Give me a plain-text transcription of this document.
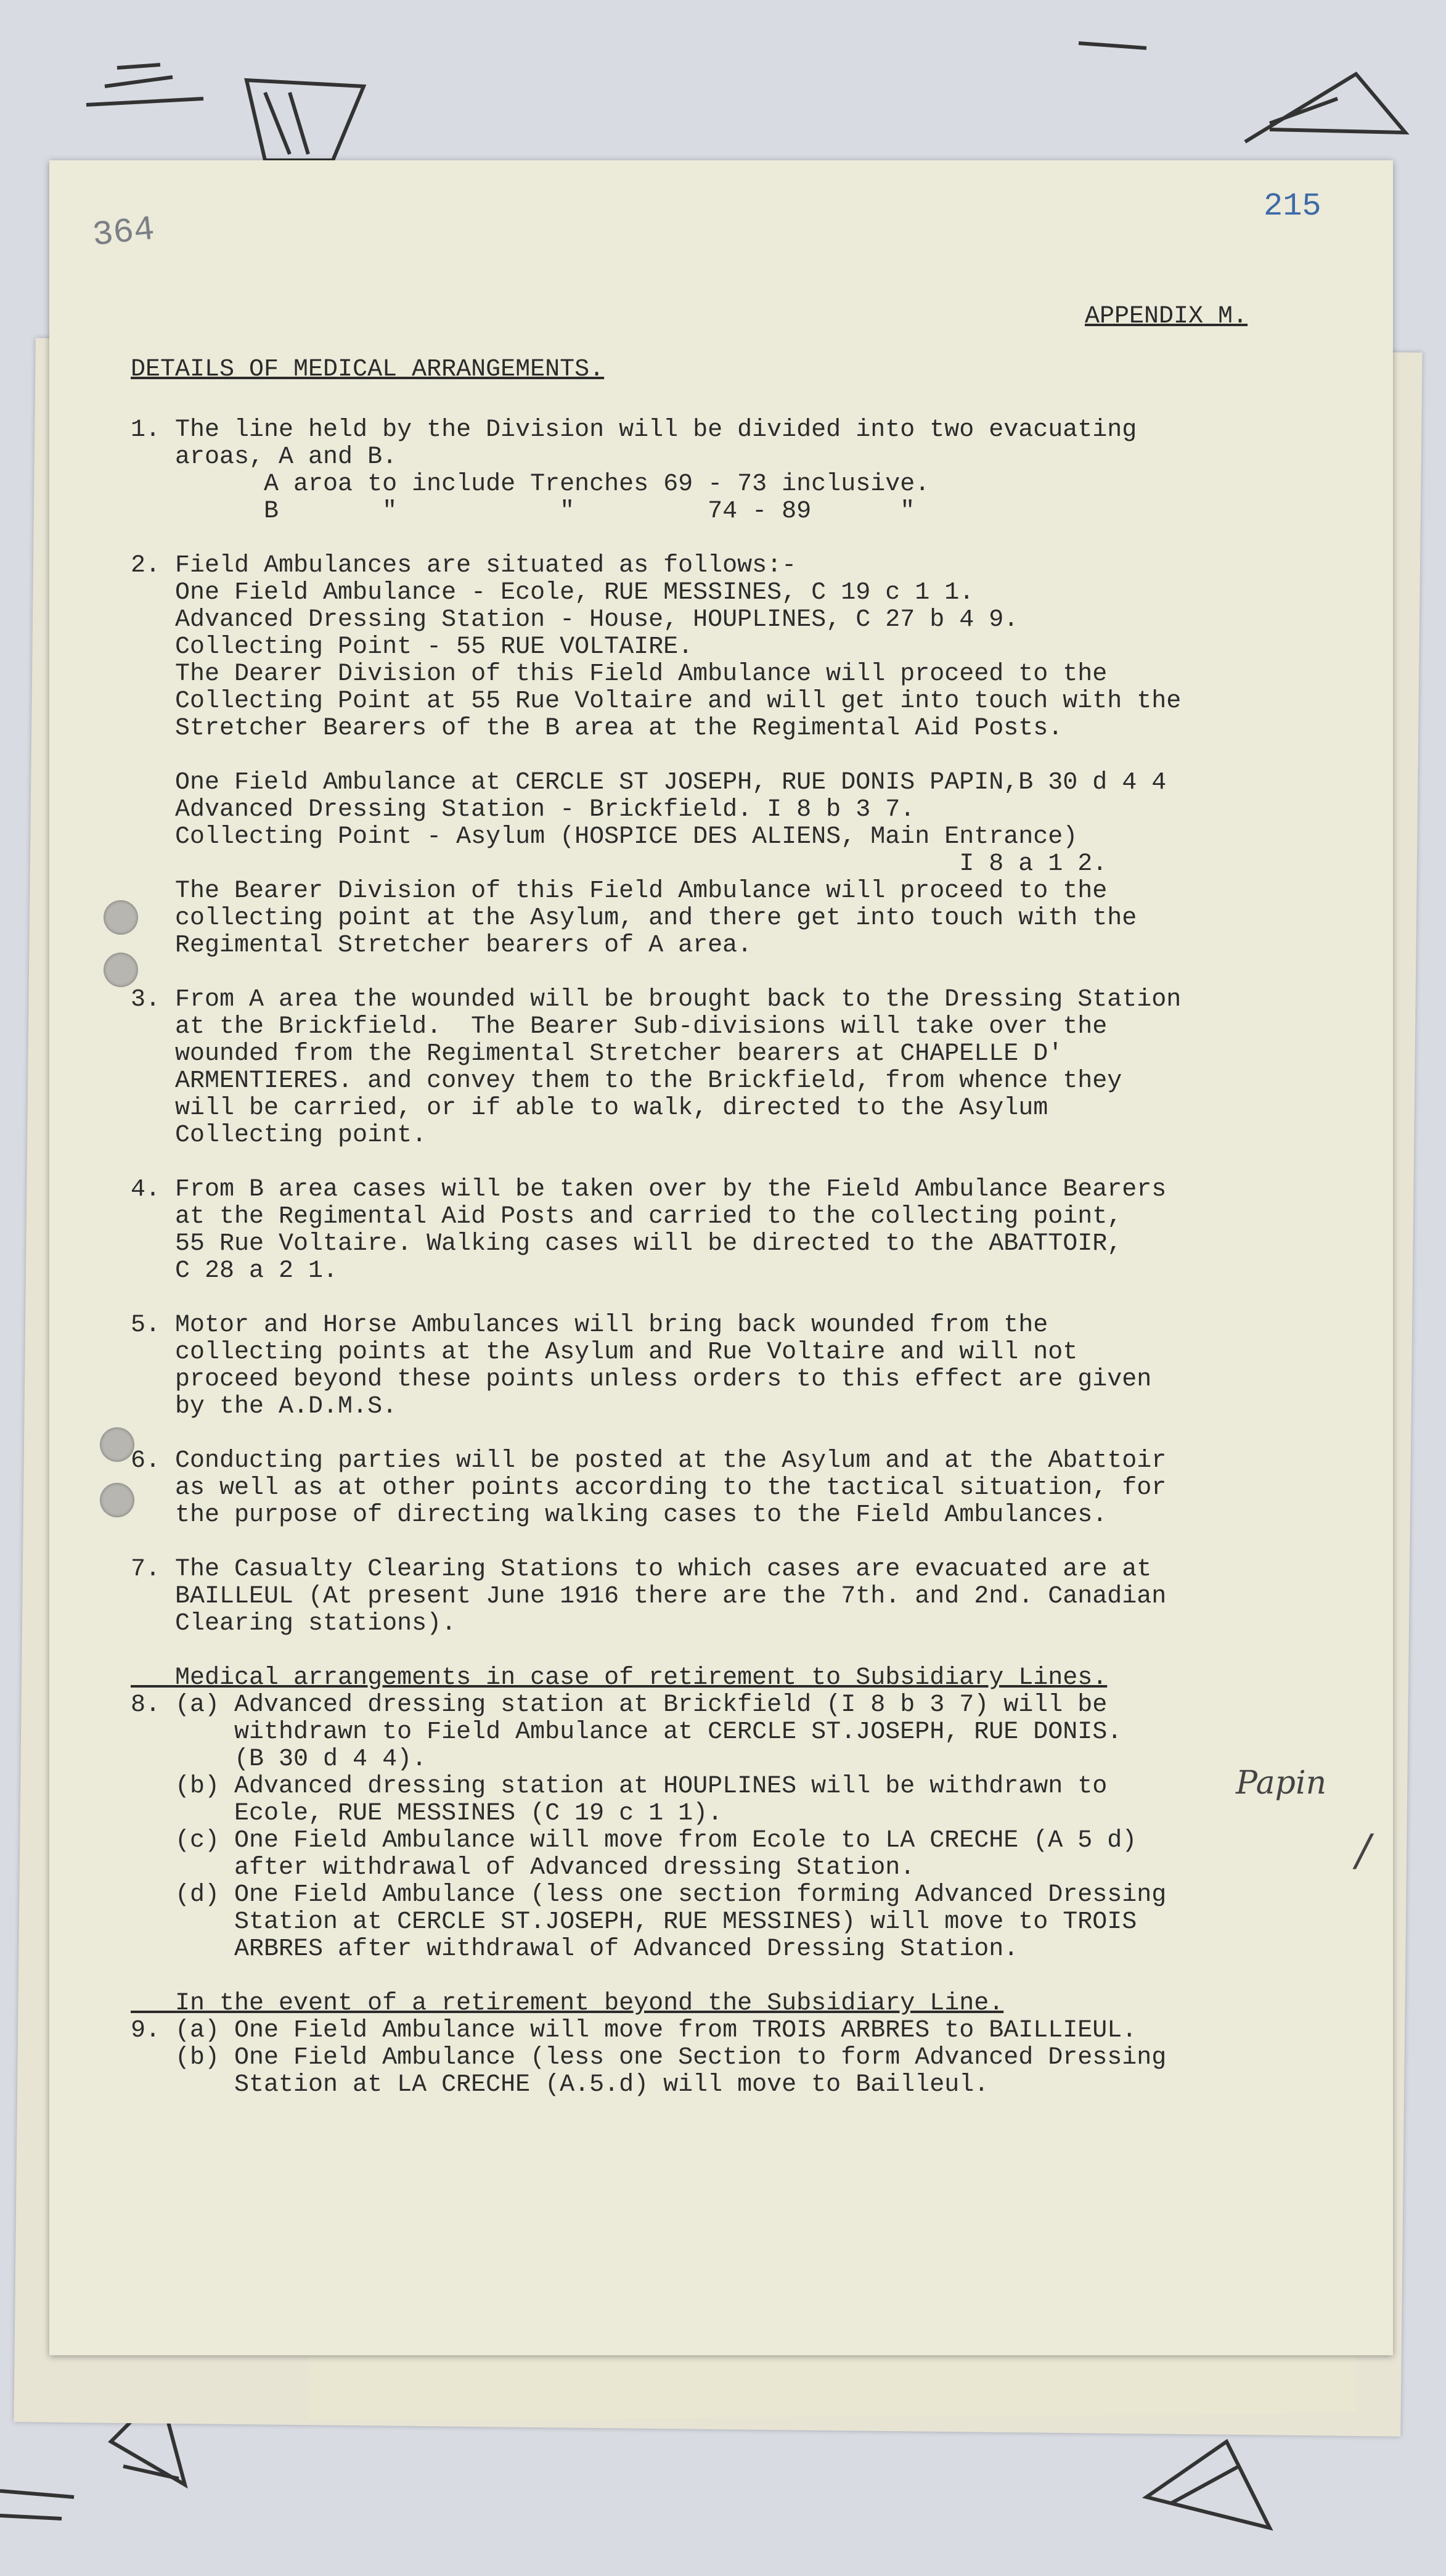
364
215
APPENDIX M.
DETAILS OF MEDICAL ARRANGEMENTS.
1. The line held by the Division will be divided into two evacuating
aroas, A and B.
A aroa to include Trenches 69 - 73 inclusive.
B       "           "         74 - 89      "
2. Field Ambulances are situated as follows:-
One Field Ambulance - Ecole, RUE MESSINES, C 19 c 1 1.
Advanced Dressing Station - House, HOUPLINES, C 27 b 4 9.
Collecting Point - 55 RUE VOLTAIRE.
The Dearer Division of this Field Ambulance will proceed to the
Collecting Point at 55 Rue Voltaire and will get into touch with the
Stretcher Bearers of the B area at the Regimental Aid Posts.
One Field Ambulance at CERCLE ST JOSEPH, RUE DONIS PAPIN,B 30 d 4 4
Advanced Dressing Station - Brickfield. I 8 b 3 7.
Collecting Point - Asylum (HOSPICE DES ALIENS, Main Entrance)
I 8 a 1 2.
The Bearer Division of this Field Ambulance will proceed to the
collecting point at the Asylum, and there get into touch with the
Regimental Stretcher bearers of A area.
3. From A area the wounded will be brought back to the Dressing Station
at the Brickfield.  The Bearer Sub-divisions will take over the
wounded from the Regimental Stretcher bearers at CHAPELLE D'
ARMENTIERES. and convey them to the Brickfield, from whence they
will be carried, or if able to walk, directed to the Asylum
Collecting point.
4. From B area cases will be taken over by the Field Ambulance Bearers
at the Regimental Aid Posts and carried to the collecting point,
55 Rue Voltaire. Walking cases will be directed to the ABATTOIR,
C 28 a 2 1.
5. Motor and Horse Ambulances will bring back wounded from the
collecting points at the Asylum and Rue Voltaire and will not
proceed beyond these points unless orders to this effect are given
by the A.D.M.S.
6. Conducting parties will be posted at the Asylum and at the Abattoir
as well as at other points according to the tactical situation, for
the purpose of directing walking cases to the Field Ambulances.
7. The Casualty Clearing Stations to which cases are evacuated are at
BAILLEUL (At present June 1916 there are the 7th. and 2nd. Canadian
Clearing stations).
Medical arrangements in case of retirement to Subsidiary Lines.
8. (a) Advanced dressing station at Brickfield (I 8 b 3 7) will be
withdrawn to Field Ambulance at CERCLE ST.JOSEPH, RUE DONIS.
(B 30 d 4 4).
(b) Advanced dressing station at HOUPLINES will be withdrawn to
Ecole, RUE MESSINES (C 19 c 1 1).
(c) One Field Ambulance will move from Ecole to LA CRECHE (A 5 d)
after withdrawal of Advanced dressing Station.
(d) One Field Ambulance (less one section forming Advanced Dressing
Station at CERCLE ST.JOSEPH, RUE MESSINES) will move to TROIS
ARBRES after withdrawal of Advanced Dressing Station.
In the event of a retirement beyond the Subsidiary Line.
9. (a) One Field Ambulance will move from TROIS ARBRES to BAILLIEUL.
(b) One Field Ambulance (less one Section to form Advanced Dressing
Station at LA CRECHE (A.5.d) will move to Bailleul.
Papin
/
